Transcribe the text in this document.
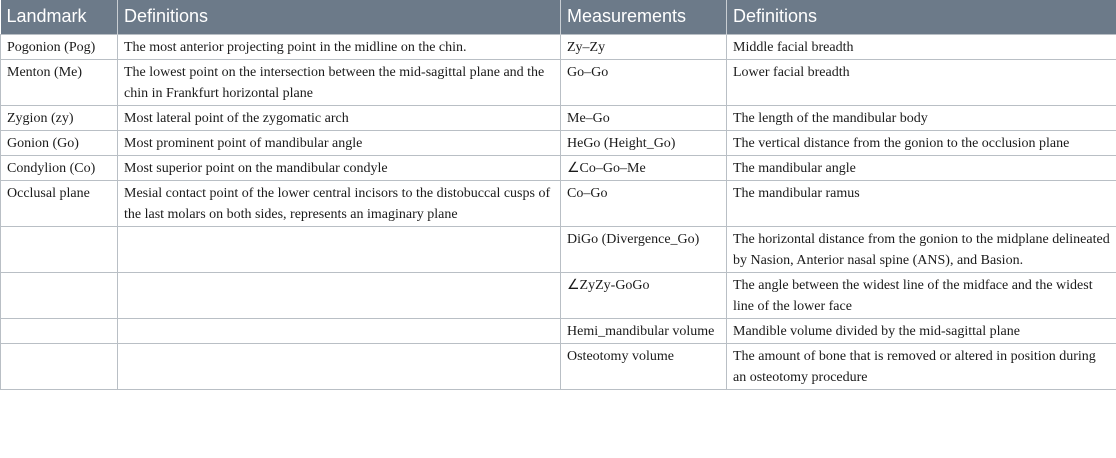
Landmark	Definitions	Measurements	Definitions
Pogonion (Pog)	The most anterior projecting point in the midline on the chin.	Zy–Zy	Middle facial breadth
Menton (Me)	The lowest point on the intersection between the mid-sagittal plane and the chin in Frankfurt horizontal plane	Go–Go	Lower facial breadth
Zygion (zy)	Most lateral point of the zygomatic arch	Me–Go	The length of the mandibular body
Gonion (Go)	Most prominent point of mandibular angle	HeGo (Height_Go)	The vertical distance from the gonion to the occlusion plane
Condylion (Co)	Most superior point on the mandibular condyle	∠Co–Go–Me	The mandibular angle
Occlusal plane	Mesial contact point of the lower central incisors to the distobuccal cusps of the last molars on both sides, represents an imaginary plane	Co–Go	The mandibular ramus
		DiGo (Divergence_Go)	The horizontal distance from the gonion to the midplane delineated by Nasion, Anterior nasal spine (ANS), and Basion.
		∠ZyZy-GoGo	The angle between the widest line of the midface and the widest line of the lower face
		Hemi_mandibular volume	Mandible volume divided by the mid-sagittal plane
		Osteotomy volume	The amount of bone that is removed or altered in position during an osteotomy procedure
